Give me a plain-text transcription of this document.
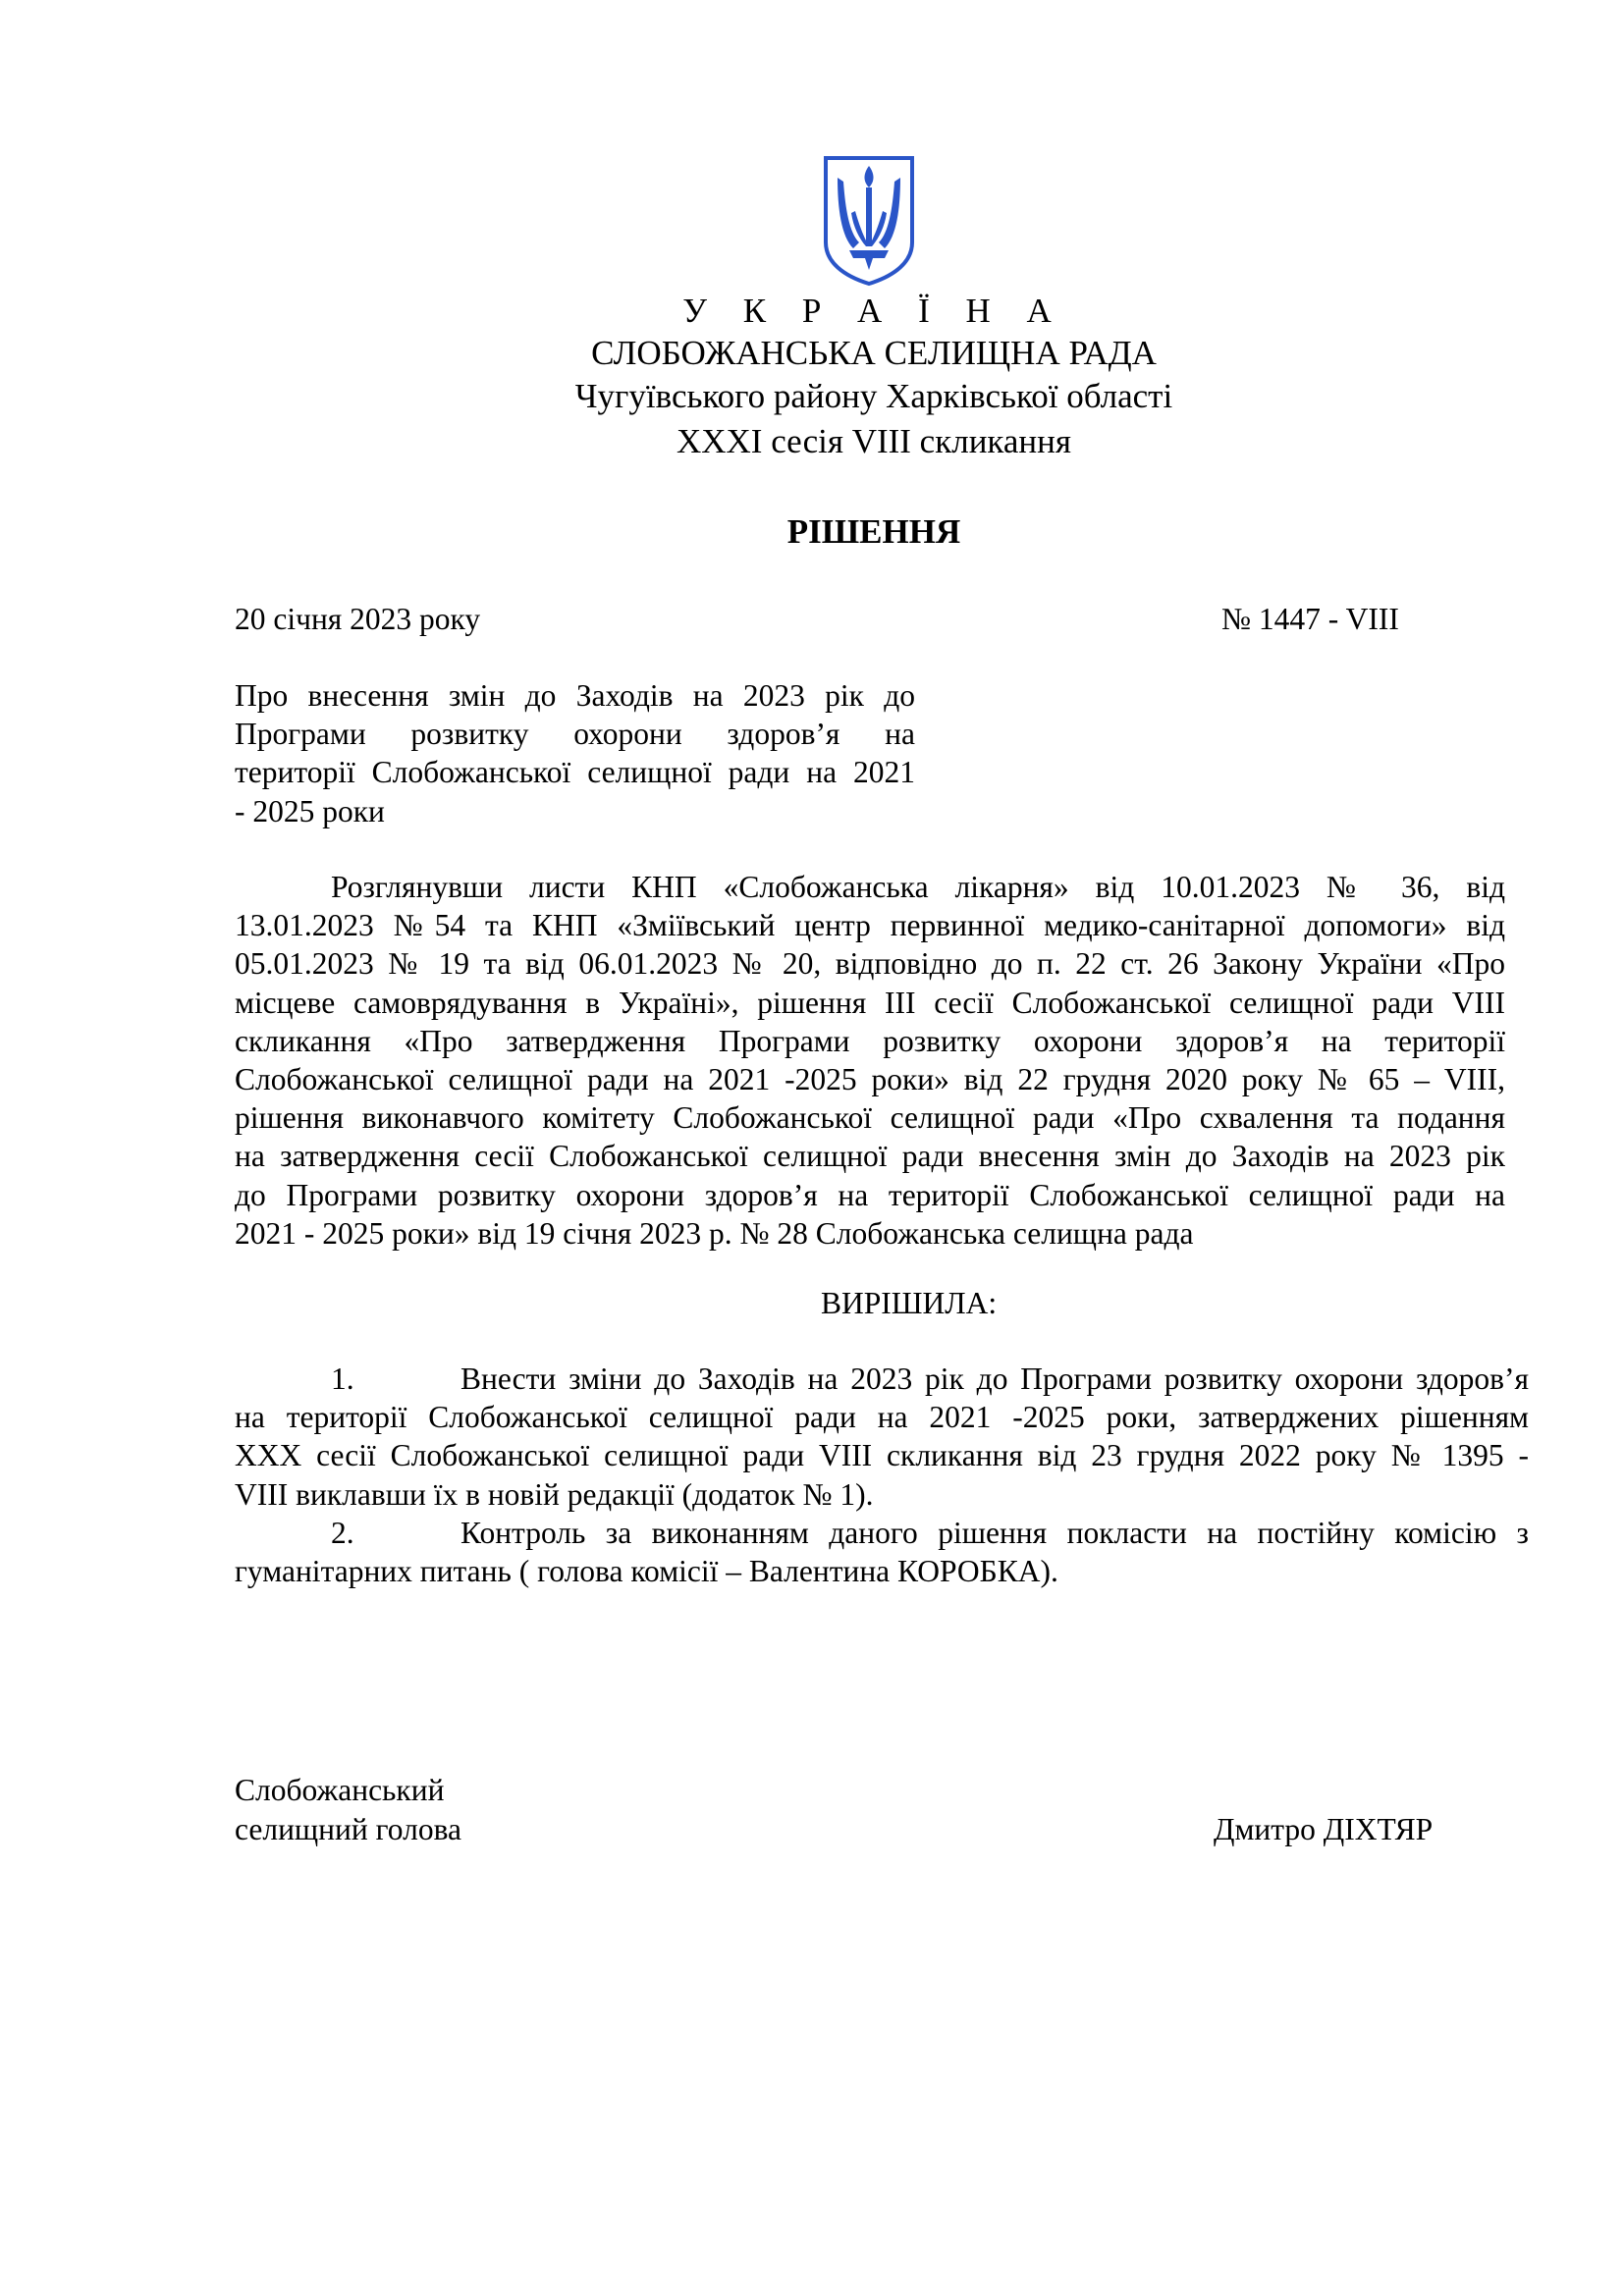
У К Р А Ї Н А
СЛОБОЖАНСЬКА СЕЛИЩНА РАДА
Чугуївського району Харківської області
XXXI сесія VIII скликання
РІШЕННЯ
20 січня 2023 року	№ 1447 - VIII
Про внесення змін до Заходів на 2023 рік до
Програми розвитку охорони здоров’я на
території Слобожанської селищної ради на 2021
- 2025 роки
Розглянувши листи КНП «Слобожанська лікарня» від 10.01.2023 № 36, від
13.01.2023 №54 та КНП «Зміївський центр первинної медико-санітарної допомоги» від
05.01.2023 № 19 та від 06.01.2023 № 20, відповідно до п. 22 ст. 26 Закону України «Про
місцеве самоврядування в Україні», рішення ІІІ сесії Слобожанської селищної ради VIII
скликання «Про затвердження Програми розвитку охорони здоров’я на території
Слобожанської селищної ради на 2021 -2025 роки» від 22 грудня 2020 року № 65 – VIII,
рішення виконавчого комітету Слобожанської селищної ради «Про схвалення та подання
на затвердження сесії Слобожанської селищної ради внесення змін до Заходів на 2023 рік
до Програми розвитку охорони здоров’я на території Слобожанської селищної ради на
2021 - 2025 роки» від 19 січня 2023 р. № 28 Слобожанська селищна рада
ВИРІШИЛА:
1.	Внести зміни до Заходів на 2023 рік до Програми розвитку охорони здоров’я
на території Слобожанської селищної ради на 2021 -2025 роки, затверджених рішенням
ХХХ сесії Слобожанської селищної ради VIII скликання від 23 грудня 2022 року № 1395 -
VIII виклавши їх в новій редакції (додаток № 1).
2.	Контроль за виконанням даного рішення покласти на постійну комісію з
гуманітарних питань ( голова комісії – Валентина КОРОБКА).
Слобожанський
селищний голова	Дмитро ДІХТЯР
